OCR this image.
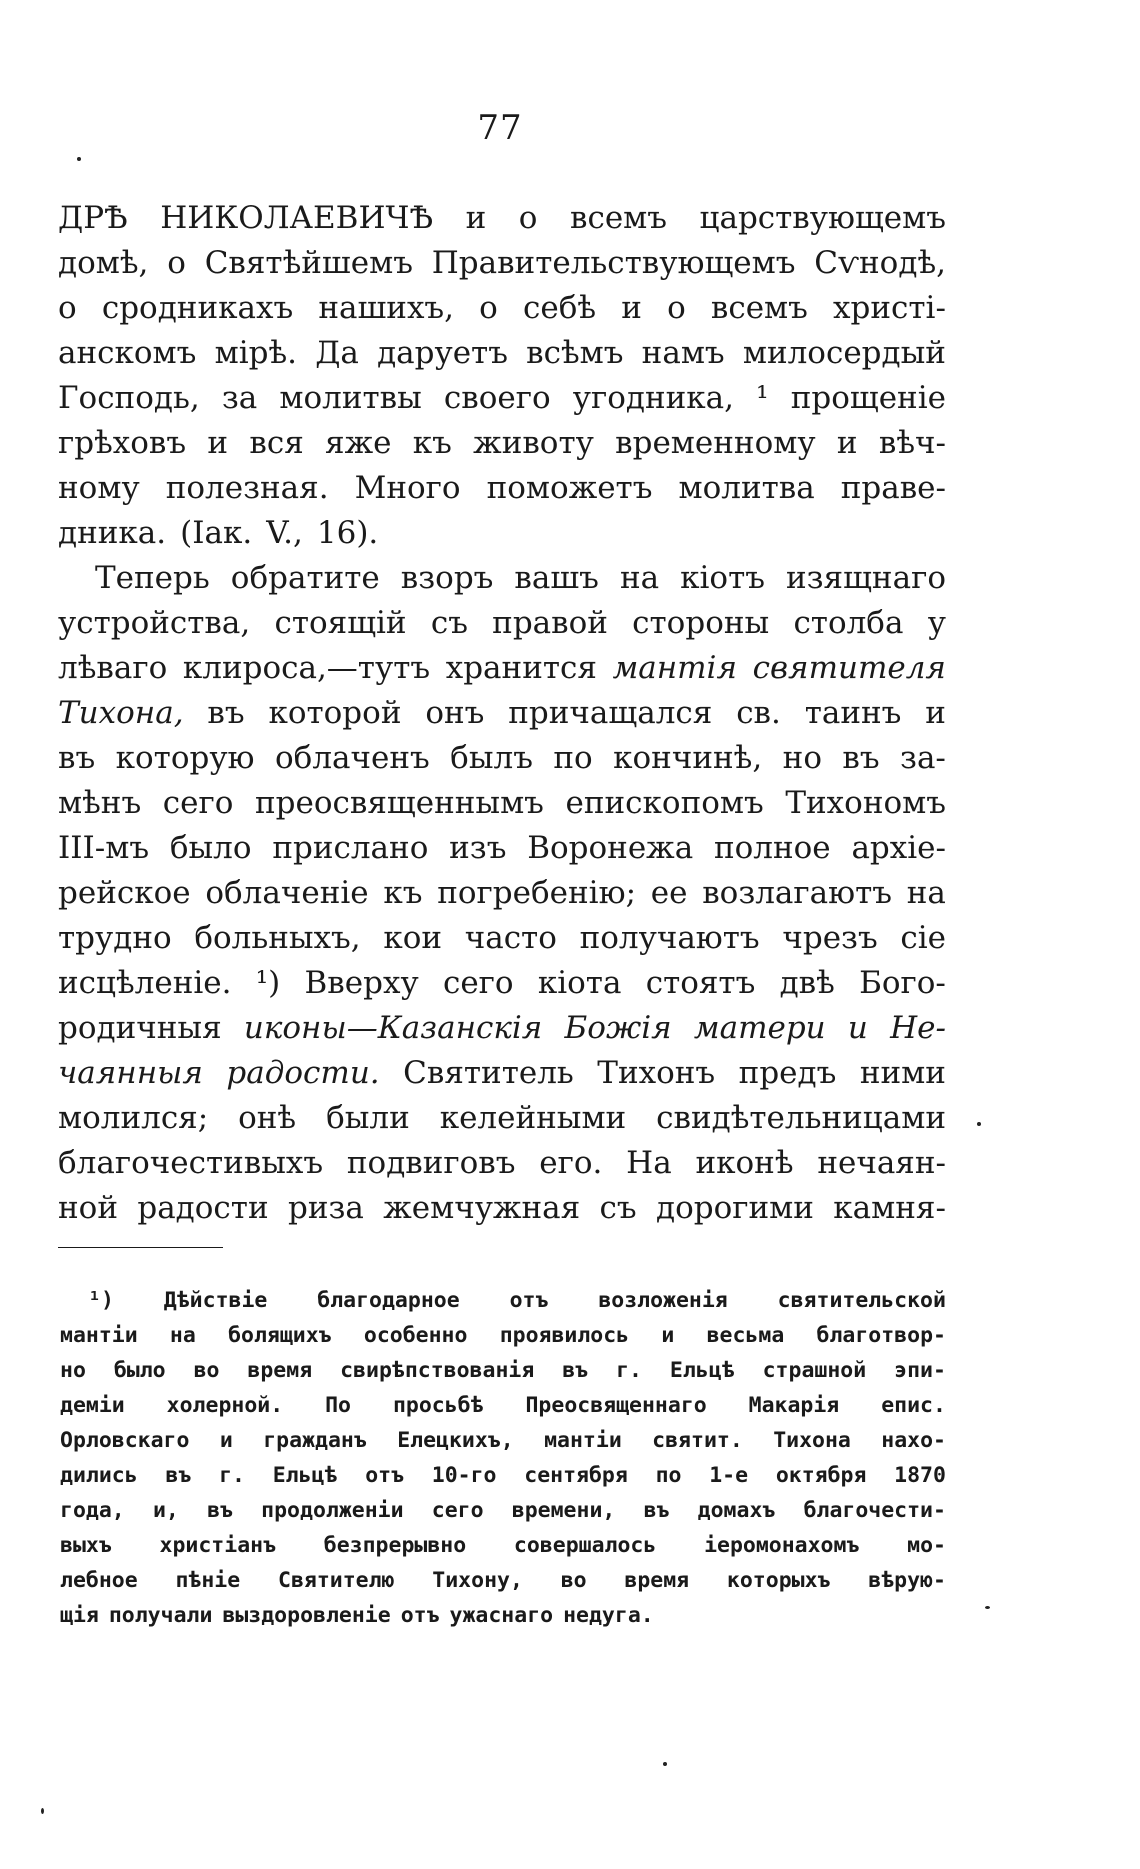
77
ДРѢ НИКОЛАЕВИЧѢ и о всемъ царствующемъ
домѣ, о Святѣйшемъ Правительствующемъ Сѵнодѣ,
о сродникахъ нашихъ, о себѣ и о всемъ христі-
анскомъ мірѣ. Да даруетъ всѣмъ намъ милосердый
Господь, за молитвы своего угодника, ¹ прощеніе
грѣховъ и вся яже къ животу временному и вѣч-
ному полезная. Много поможетъ молитва праве-
дника. (Іак. V., 16).
Теперь обратите взоръ вашъ на кіотъ изящнаго
устройства, стоящій съ правой стороны столба у
лѣваго клироса,—тутъ хранится мантія святителя
Тихона, въ которой онъ причащался св. таинъ и
въ которую облаченъ былъ по кончинѣ, но въ за-
мѣнъ сего преосвященнымъ епископомъ Тихономъ
III-мъ было прислано изъ Воронежа полное архіе-
рейское облаченіе къ погребенію; ее возлагаютъ на
трудно больныхъ, кои часто получаютъ чрезъ сіе
исцѣленіе. ¹) Вверху сего кіота стоятъ двѣ Бого-
родичныя иконы—Казанскія Божія матери и Не-
чаянныя радости. Святитель Тихонъ предъ ними
молился; онѣ были келейными свидѣтельницами
благочестивыхъ подвиговъ его. На иконѣ нечаян-
ной радости риза жемчужная съ дорогими камня-
¹) Дѣйствіе благодарное отъ возложенія святительской
мантіи на болящихъ особенно проявилось и весьма благотвор-
но было во время свирѣпствованія въ г. Ельцѣ страшной эпи-
деміи холерной. По просьбѣ Преосвященнаго Макарія епис.
Орловскаго и гражданъ Елецкихъ, мантіи святит. Тихона нахо-
дились въ г. Ельцѣ отъ 10-го сентября по 1-е октября 1870
года, и, въ продолженіи сего времени, въ домахъ благочести-
выхъ христіанъ безпрерывно совершалось іеромонахомъ мо-
лебное пѣніе Святителю Тихону, во время которыхъ вѣрую-
щія получали выздоровленіе отъ ужаснаго недуга.
